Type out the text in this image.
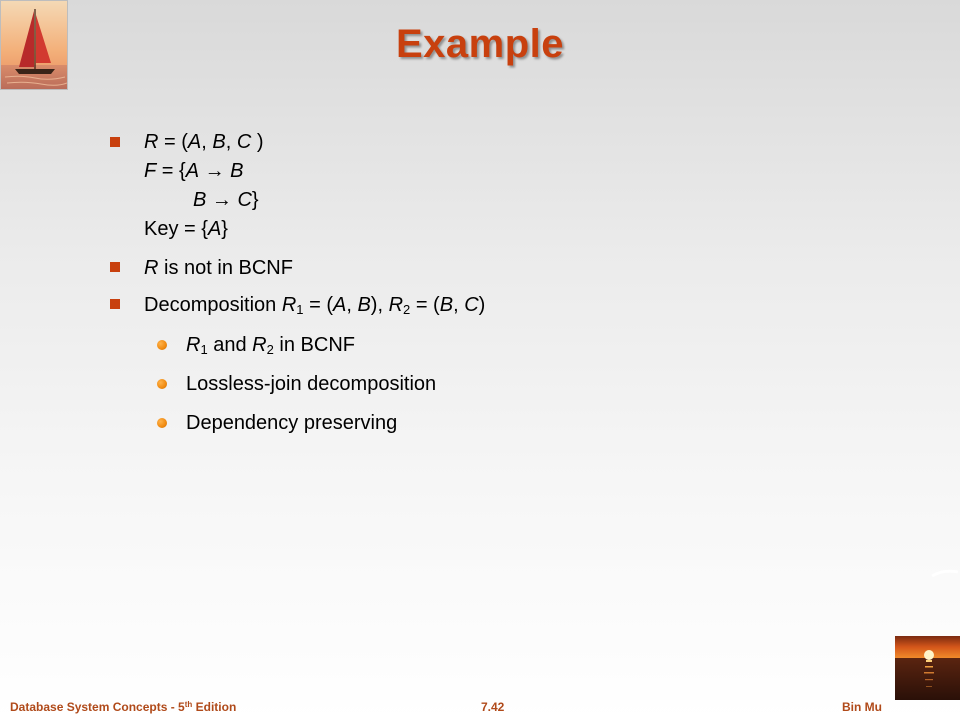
Example
R = (A, B, C )
F = {A → B
B → C}
Key = {A}
R is not in BCNF
Decomposition $R_1 = (A$, B), $R_2 = (B$, C)
$R_1$ and $R_2$ in BCNF
Lossless-join decomposition
Dependency preserving
Database System Concepts - 5th Edition	7.42	Bin Mu
